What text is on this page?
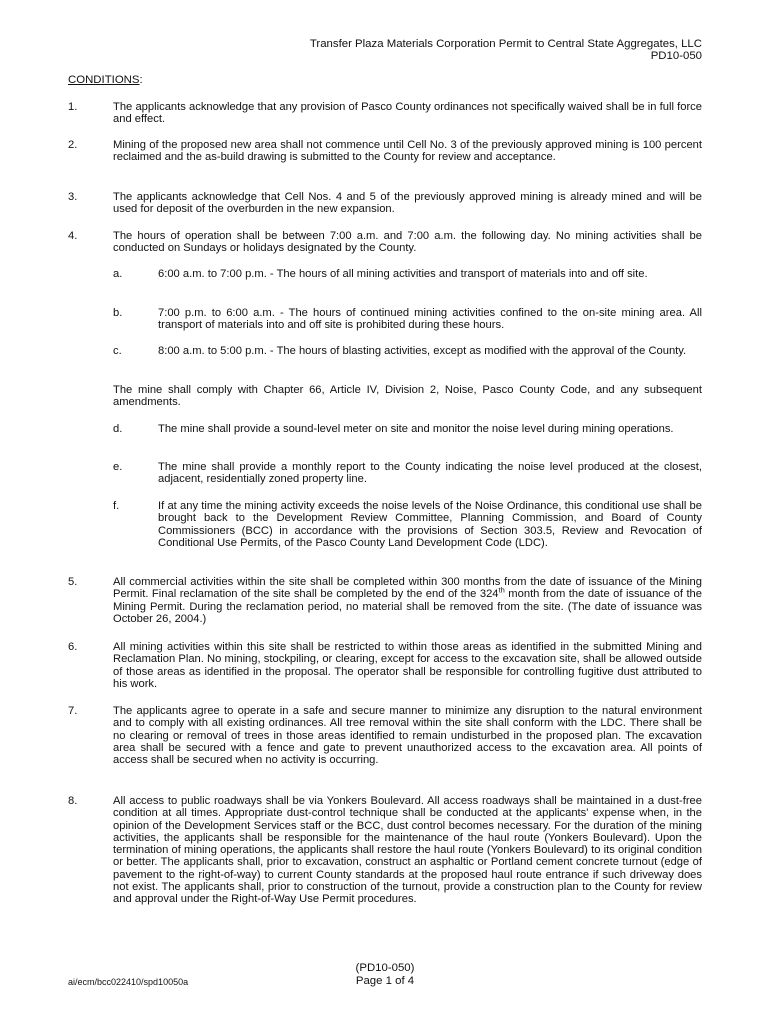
Transfer Plaza Materials Corporation Permit to Central State Aggregates, LLC
PD10-050
CONDITIONS:
1.	The applicants acknowledge that any provision of Pasco County ordinances not specifically waived shall be in full force and effect.
2.	Mining of the proposed new area shall not commence until Cell No. 3 of the previously approved mining is 100 percent reclaimed and the as-build drawing is submitted to the County for review and acceptance.
3.	The applicants acknowledge that Cell Nos. 4 and 5 of the previously approved mining is already mined and will be used for deposit of the overburden in the new expansion.
4.	The hours of operation shall be between 7:00 a.m. and 7:00 a.m. the following day. No mining activities shall be conducted on Sundays or holidays designated by the County.
a.	6:00 a.m. to 7:00 p.m. - The hours of all mining activities and transport of materials into and off site.
b.	7:00 p.m. to 6:00 a.m. - The hours of continued mining activities confined to the on-site mining area. All transport of materials into and off site is prohibited during these hours.
c.	8:00 a.m. to 5:00 p.m. - The hours of blasting activities, except as modified with the approval of the County.
The mine shall comply with Chapter 66, Article IV, Division 2, Noise, Pasco County Code, and any subsequent amendments.
d.	The mine shall provide a sound-level meter on site and monitor the noise level during mining operations.
e.	The mine shall provide a monthly report to the County indicating the noise level produced at the closest, adjacent, residentially zoned property line.
f.	If at any time the mining activity exceeds the noise levels of the Noise Ordinance, this conditional use shall be brought back to the Development Review Committee, Planning Commission, and Board of County Commissioners (BCC) in accordance with the provisions of Section 303.5, Review and Revocation of Conditional Use Permits, of the Pasco County Land Development Code (LDC).
5.	All commercial activities within the site shall be completed within 300 months from the date of issuance of the Mining Permit. Final reclamation of the site shall be completed by the end of the 324th month from the date of issuance of the Mining Permit. During the reclamation period, no material shall be removed from the site. (The date of issuance was October 26, 2004.)
6.	All mining activities within this site shall be restricted to within those areas as identified in the submitted Mining and Reclamation Plan. No mining, stockpiling, or clearing, except for access to the excavation site, shall be allowed outside of those areas as identified in the proposal. The operator shall be responsible for controlling fugitive dust attributed to his work.
7.	The applicants agree to operate in a safe and secure manner to minimize any disruption to the natural environment and to comply with all existing ordinances. All tree removal within the site shall conform with the LDC. There shall be no clearing or removal of trees in those areas identified to remain undisturbed in the proposed plan. The excavation area shall be secured with a fence and gate to prevent unauthorized access to the excavation area. All points of access shall be secured when no activity is occurring.
8.	All access to public roadways shall be via Yonkers Boulevard. All access roadways shall be maintained in a dust-free condition at all times. Appropriate dust-control technique shall be conducted at the applicants' expense when, in the opinion of the Development Services staff or the BCC, dust control becomes necessary. For the duration of the mining activities, the applicants shall be responsible for the maintenance of the haul route (Yonkers Boulevard). Upon the termination of mining operations, the applicants shall restore the haul route (Yonkers Boulevard) to its original condition or better. The applicants shall, prior to excavation, construct an asphaltic or Portland cement concrete turnout (edge of pavement to the right-of-way) to current County standards at the proposed haul route entrance if such driveway does not exist. The applicants shall, prior to construction of the turnout, provide a construction plan to the County for review and approval under the Right-of-Way Use Permit procedures.
ai/ecm/bcc022410/spd10050a
(PD10-050)
Page 1 of 4
